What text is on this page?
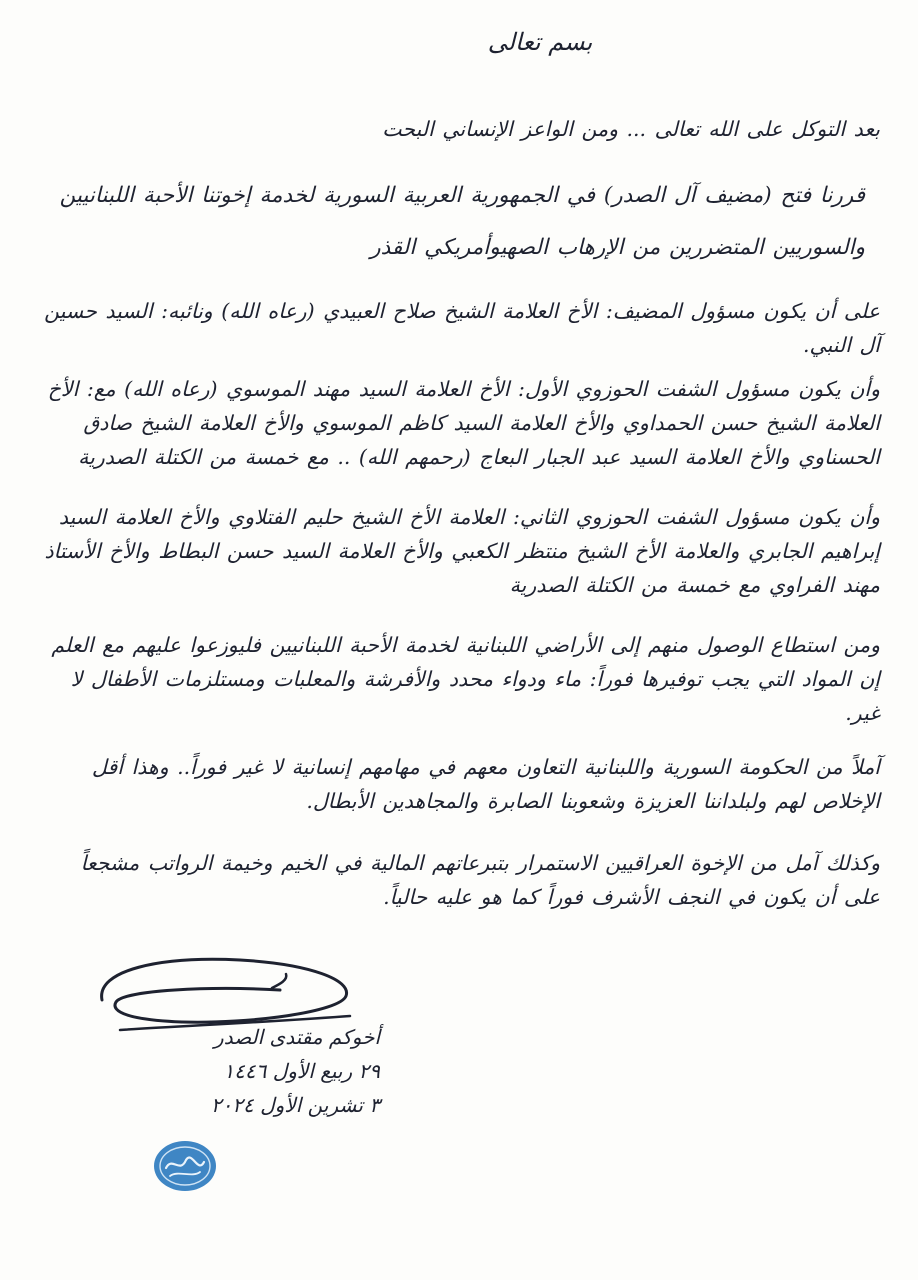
بسم تعالى

بعد التوكل على الله تعالى ... ومن الواعز الإنساني البحت

قررنا فتح (مضيف آل الصدر) في الجمهورية العربية السورية لخدمة إخوتنا الأحبة اللبنانيين والسوريين المتضررين من الإرهاب الصهيوأمريكي القذر

على أن يكون مسؤول المضيف: الأخ العلامة الشيخ صلاح العبيدي (رعاه الله) ونائبه: السيد حسين آل النبي.

وأن يكون مسؤول الشفت الحوزوي الأول: الأخ العلامة السيد مهند الموسوي (رعاه الله) مع: الأخ العلامة الشيخ حسن الحمداوي والأخ العلامة السيد كاظم الموسوي والأخ العلامة الشيخ صادق الحسناوي والأخ العلامة السيد عبد الجبار البعاج (رحمهم الله) .. مع خمسة من الكتلة الصدرية

وأن يكون مسؤول الشفت الحوزوي الثاني: العلامة الأخ الشيخ حليم الفتلاوي والأخ العلامة السيد إبراهيم الجابري والعلامة الأخ الشيخ منتظر الكعبي والأخ العلامة السيد حسن البطاط والأخ الأستاذ مهند الفراوي مع خمسة من الكتلة الصدرية

ومن استطاع الوصول منهم إلى الأراضي اللبنانية لخدمة الأحبة اللبنانيين فليوزعوا عليهم مع العلم إن المواد التي يجب توفيرها فوراً: ماء ودواء محدد والأفرشة والمعلبات ومستلزمات الأطفال لا غير.

آملاً من الحكومة السورية واللبنانية التعاون معهم في مهامهم إنسانية لا غير فوراً.. وهذا أقل الإخلاص لهم ولبلداننا العزيزة وشعوبنا الصابرة والمجاهدين الأبطال.

وكذلك آمل من الإخوة العراقيين الاستمرار بتبرعاتهم المالية في الخيم وخيمة الرواتب مشجعاً على أن يكون في النجف الأشرف فوراً كما هو عليه حالياً.

أخوكم مقتدى الصدر
٢٩ ربيع الأول ١٤٤٦
٣ تشرين الأول ٢٠٢٤
